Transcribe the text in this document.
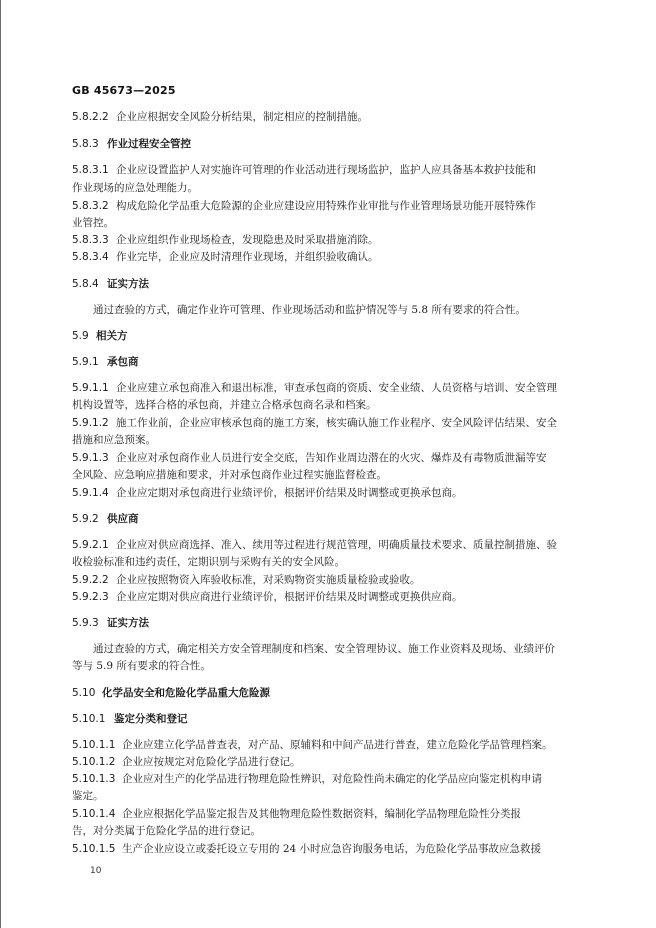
GB 45673—2025
5.8.2.2 企业应根据安全风险分析结果，制定相应的控制措施。
5.8.3 作业过程安全管控
5.8.3.1 企业应设置监护人对实施许可管理的作业活动进行现场监护，监护人应具备基本救护技能和
作业现场的应急处理能力。
5.8.3.2 构成危险化学品重大危险源的企业应建设应用特殊作业审批与作业管理场景功能开展特殊作
业管控。
5.8.3.3 企业应组织作业现场检查，发现隐患及时采取措施消除。
5.8.3.4 作业完毕，企业应及时清理作业现场，并组织验收确认。
5.8.4 证实方法
通过查验的方式，确定作业许可管理、作业现场活动和监护情况等与 5.8 所有要求的符合性。
5.9 相关方
5.9.1 承包商
5.9.1.1 企业应建立承包商准入和退出标准，审查承包商的资质、安全业绩、人员资格与培训、安全管理
机构设置等，选择合格的承包商，并建立合格承包商名录和档案。
5.9.1.2 施工作业前，企业应审核承包商的施工方案，核实确认施工作业程序、安全风险评估结果、安全
措施和应急预案。
5.9.1.3 企业应对承包商作业人员进行安全交底，告知作业周边潜在的火灾、爆炸及有毒物质泄漏等安
全风险、应急响应措施和要求，并对承包商作业过程实施监督检查。
5.9.1.4 企业应定期对承包商进行业绩评价，根据评价结果及时调整或更换承包商。
5.9.2 供应商
5.9.2.1 企业应对供应商选择、准入、续用等过程进行规范管理，明确质量技术要求、质量控制措施、验
收检验标准和违约责任，定期识别与采购有关的安全风险。
5.9.2.2 企业应按照物资入库验收标准，对采购物资实施质量检验或验收。
5.9.2.3 企业应定期对供应商进行业绩评价，根据评价结果及时调整或更换供应商。
5.9.3 证实方法
通过查验的方式，确定相关方安全管理制度和档案、安全管理协议、施工作业资料及现场、业绩评价
等与 5.9 所有要求的符合性。
5.10 化学品安全和危险化学品重大危险源
5.10.1 鉴定分类和登记
5.10.1.1 企业应建立化学品普查表，对产品、原辅料和中间产品进行普查，建立危险化学品管理档案。
5.10.1.2 企业应按规定对危险化学品进行登记。
5.10.1.3 企业应对生产的化学品进行物理危险性辨识，对危险性尚未确定的化学品应向鉴定机构申请
鉴定。
5.10.1.4 企业应根据化学品鉴定报告及其他物理危险性数据资料，编制化学品物理危险性分类报
告，对分类属于危险化学品的进行登记。
5.10.1.5 生产企业应设立或委托设立专用的 24 小时应急咨询服务电话，为危险化学品事故应急救援
10
